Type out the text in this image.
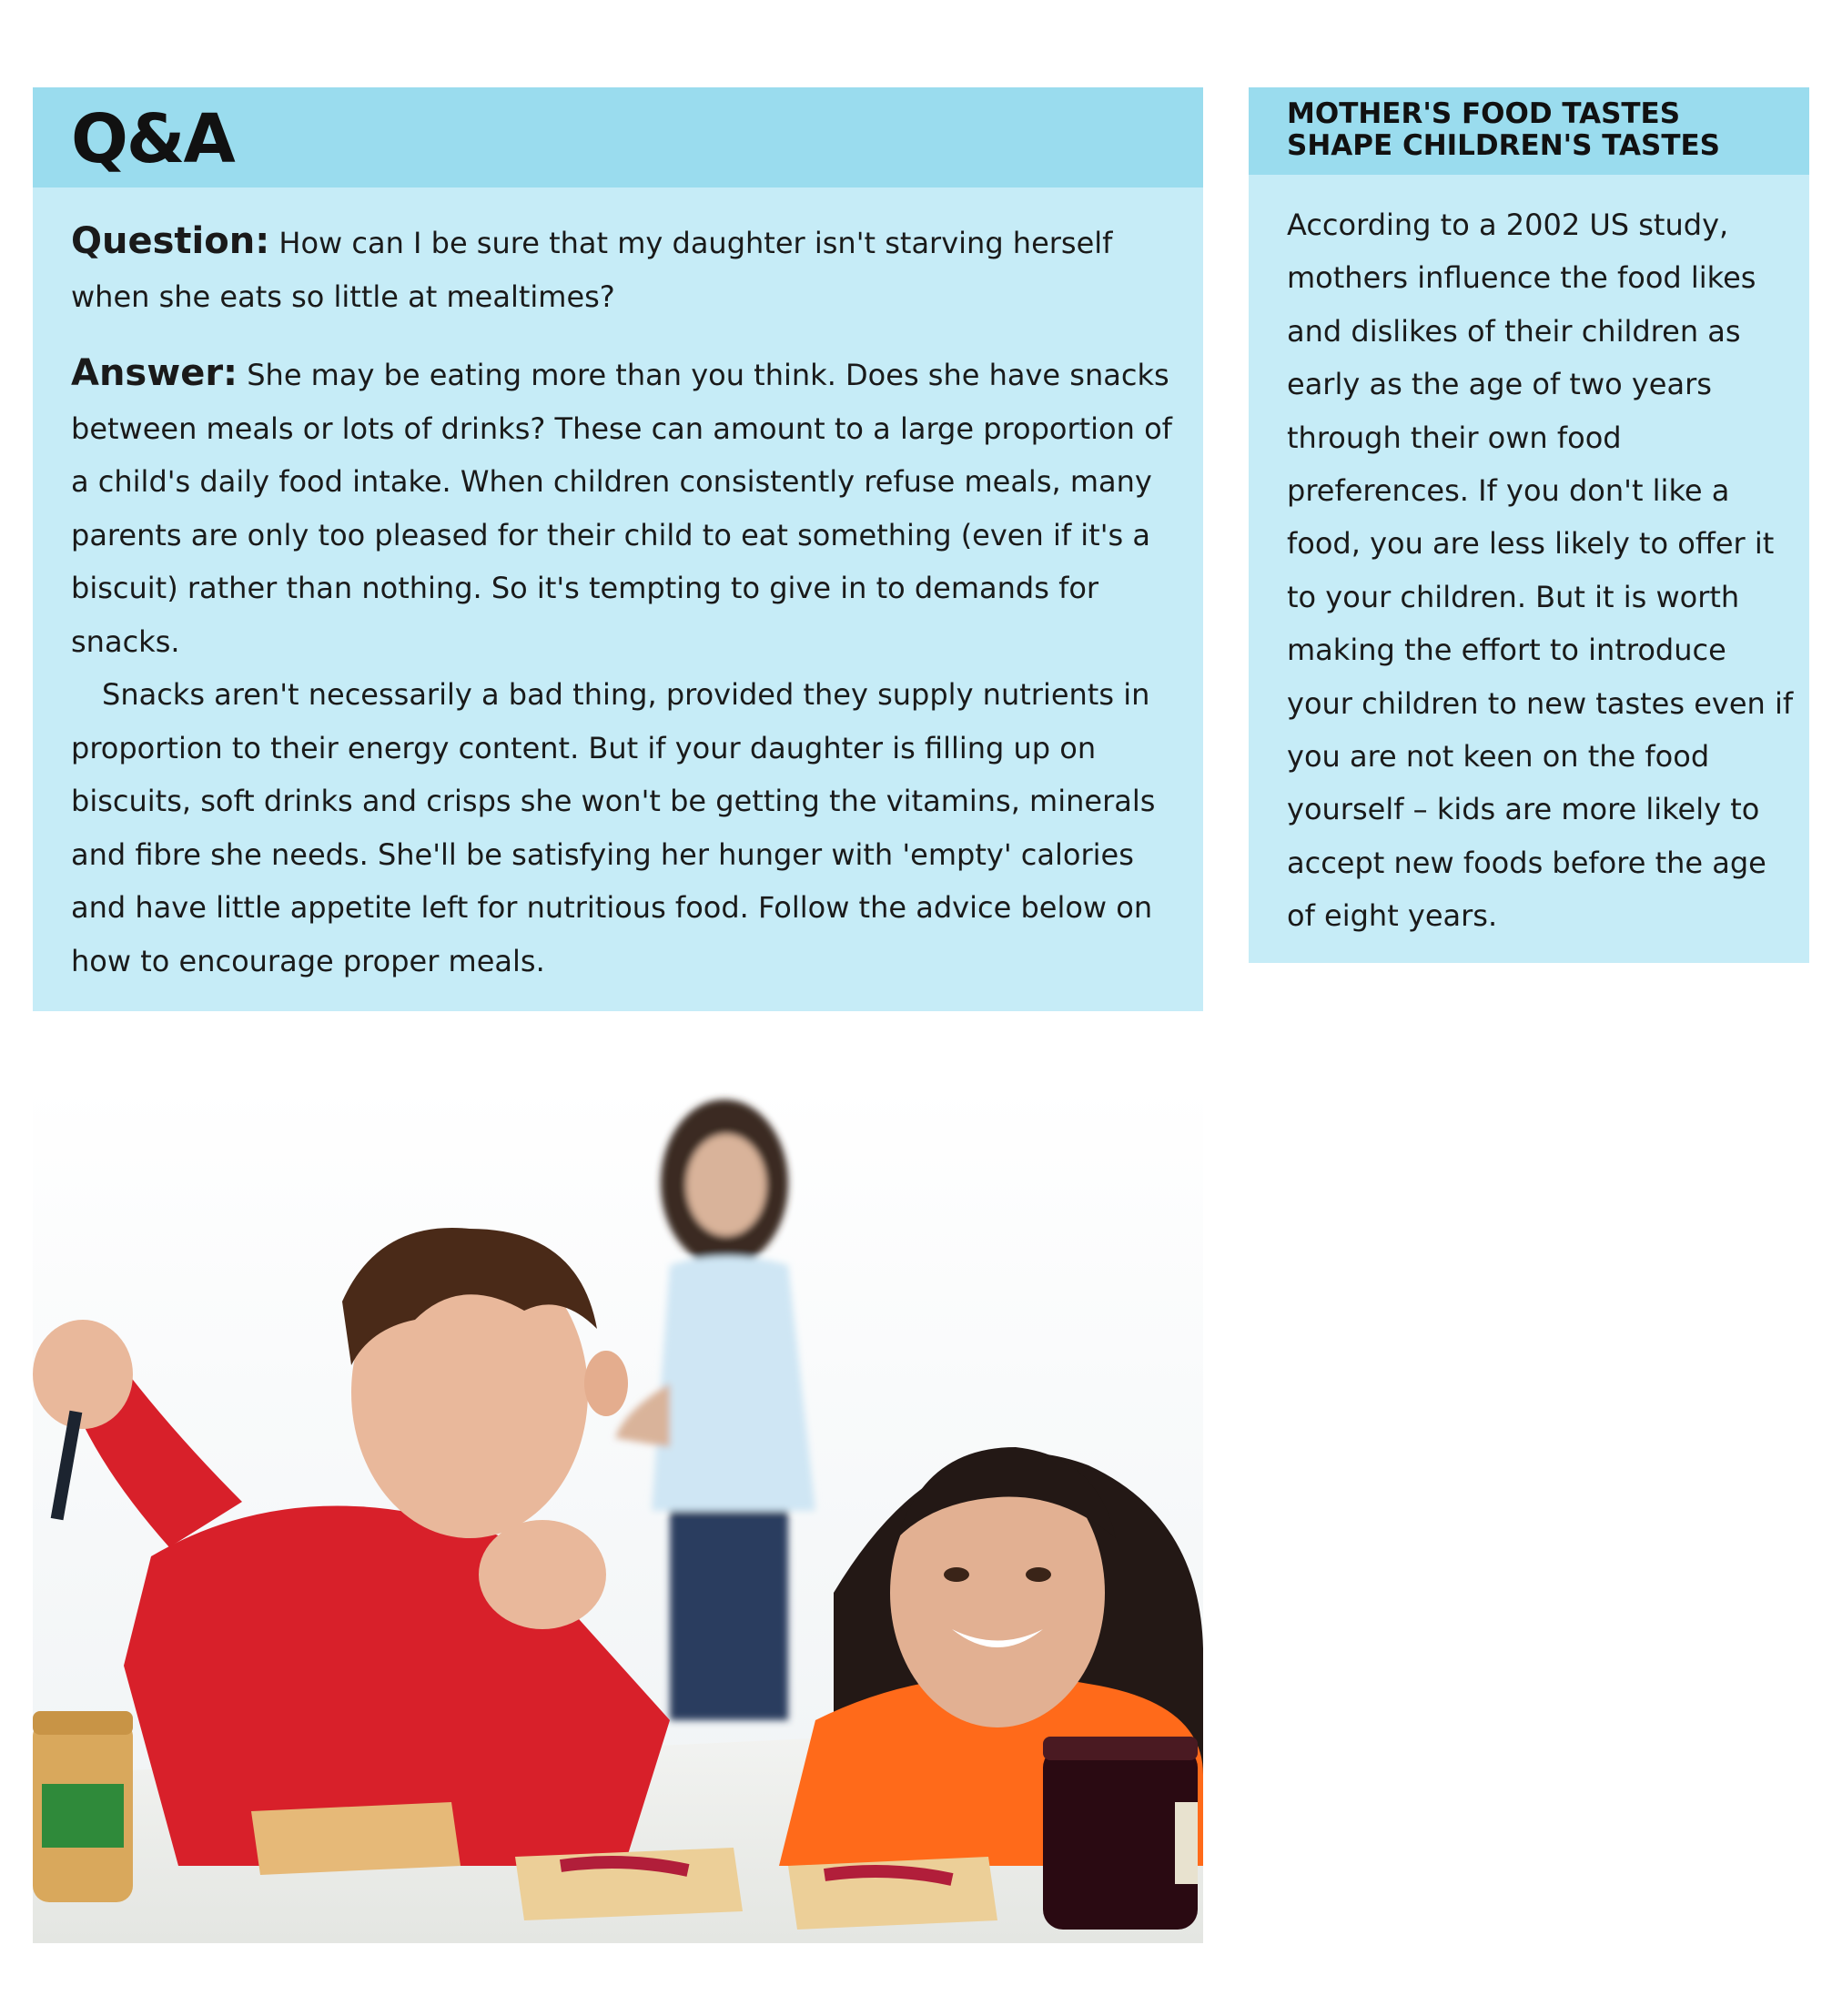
Q&A

Question: How can I be sure that my daughter isn't starving herself when she eats so little at mealtimes?

Answer: She may be eating more than you think. Does she have snacks between meals or lots of drinks? These can amount to a large proportion of a child's daily food intake. When children consistently refuse meals, many parents are only too pleased for their child to eat something (even if it's a biscuit) rather than nothing. So it's tempting to give in to demands for snacks.

Snacks aren't necessarily a bad thing, provided they supply nutrients in proportion to their energy content. But if your daughter is filling up on biscuits, soft drinks and crisps she won't be getting the vitamins, minerals and fibre she needs. She'll be satisfying her hunger with 'empty' calories and have little appetite left for nutritious food. Follow the advice below on how to encourage proper meals.

MOTHER'S FOOD TASTES
SHAPE CHILDREN'S TASTES

According to a 2002 US study, mothers influence the food likes and dislikes of their children as early as the age of two years through their own food preferences. If you don't like a food, you are less likely to offer it to your children. But it is worth making the effort to introduce your children to new tastes even if you are not keen on the food yourself – kids are more likely to accept new foods before the age of eight years.
